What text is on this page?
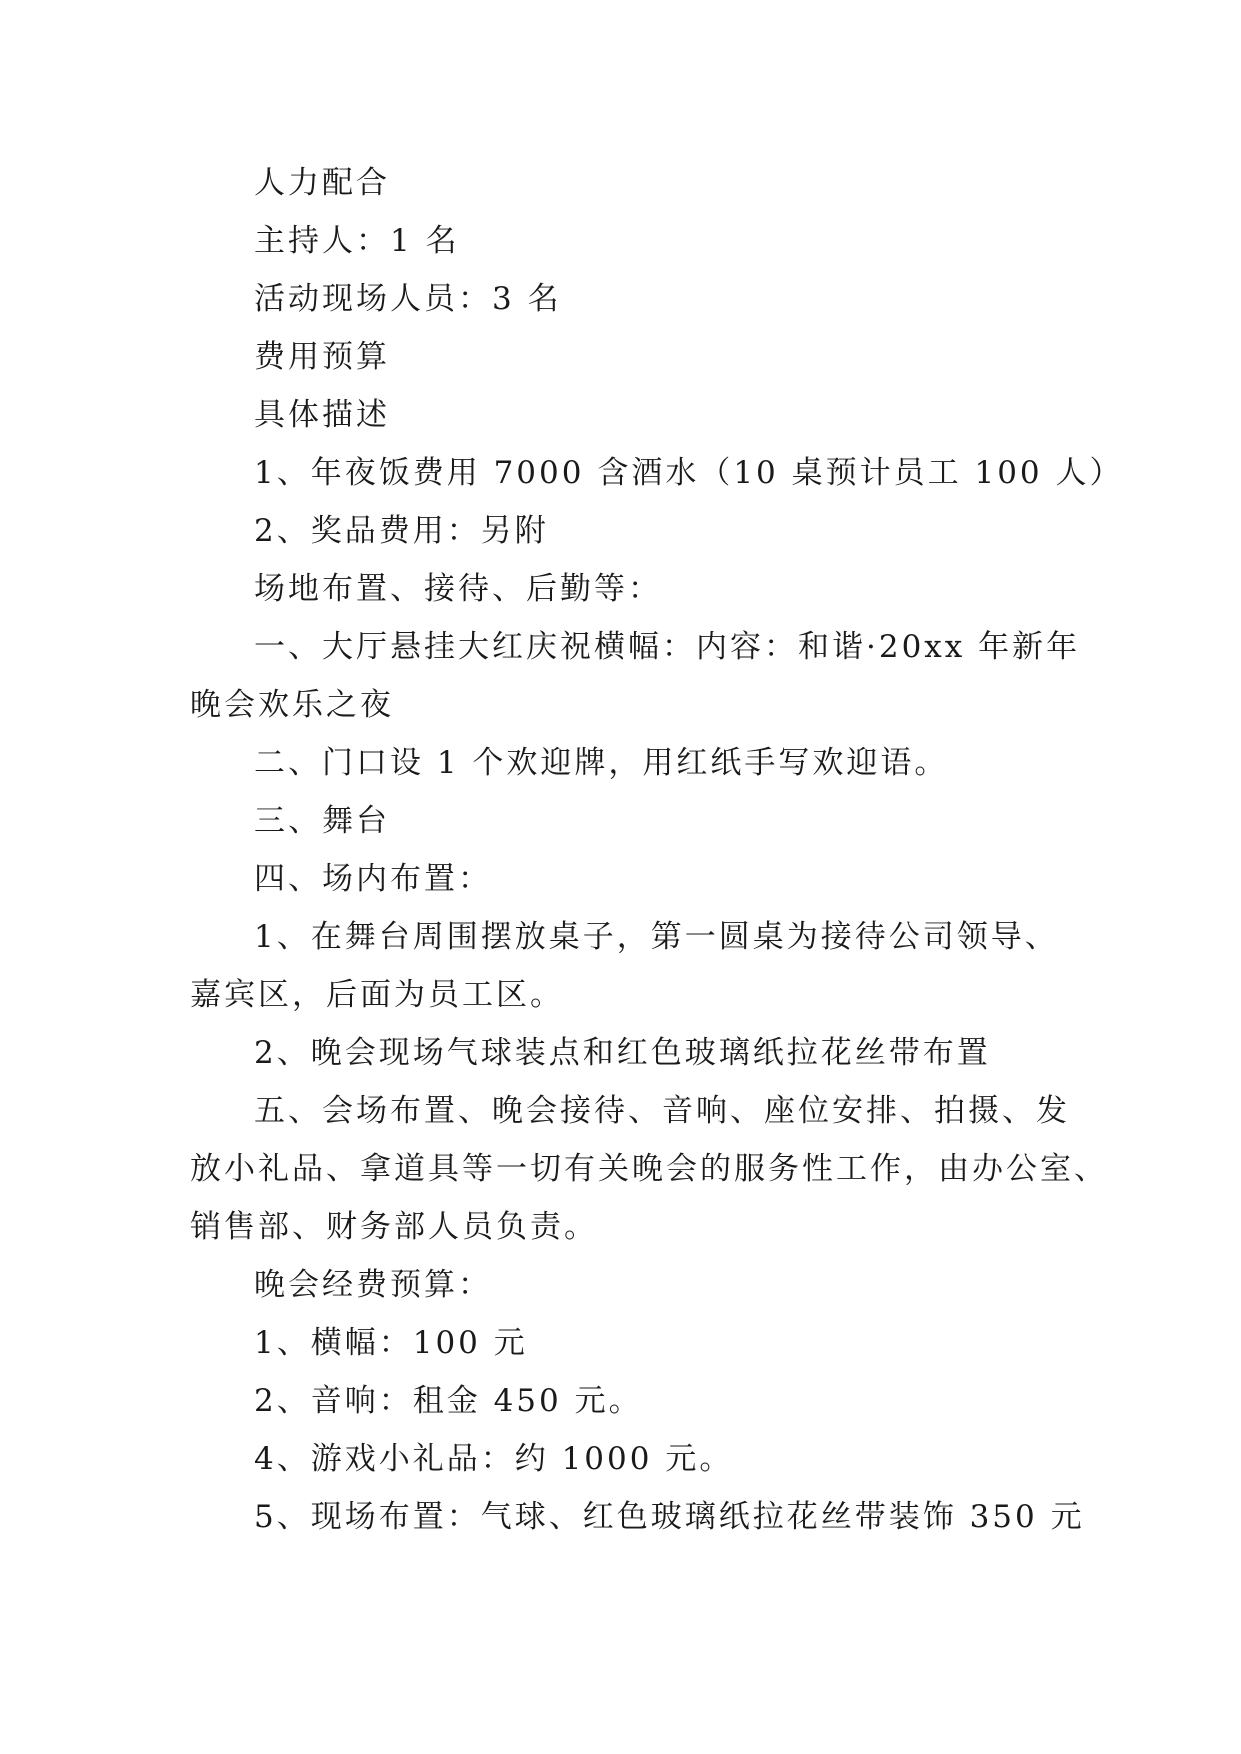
人力配合
主持人：1 名
活动现场人员：3 名
费用预算
具体描述
1、年夜饭费用 7000 含酒水（10 桌预计员工 100 人）
2、奖品费用：另附
场地布置、接待、后勤等：
一、大厅悬挂大红庆祝横幅：内容：和谐·20xx 年新年
晚会欢乐之夜
二、门口设 1 个欢迎牌，用红纸手写欢迎语。
三、舞台
四、场内布置：
1、在舞台周围摆放桌子，第一圆桌为接待公司领导、
嘉宾区，后面为员工区。
2、晚会现场气球装点和红色玻璃纸拉花丝带布置
五、会场布置、晚会接待、音响、座位安排、拍摄、发
放小礼品、拿道具等一切有关晚会的服务性工作，由办公室、
销售部、财务部人员负责。
晚会经费预算：
1、横幅：100 元
2、音响：租金 450 元。
4、游戏小礼品：约 1000 元。
5、现场布置：气球、红色玻璃纸拉花丝带装饰 350 元
